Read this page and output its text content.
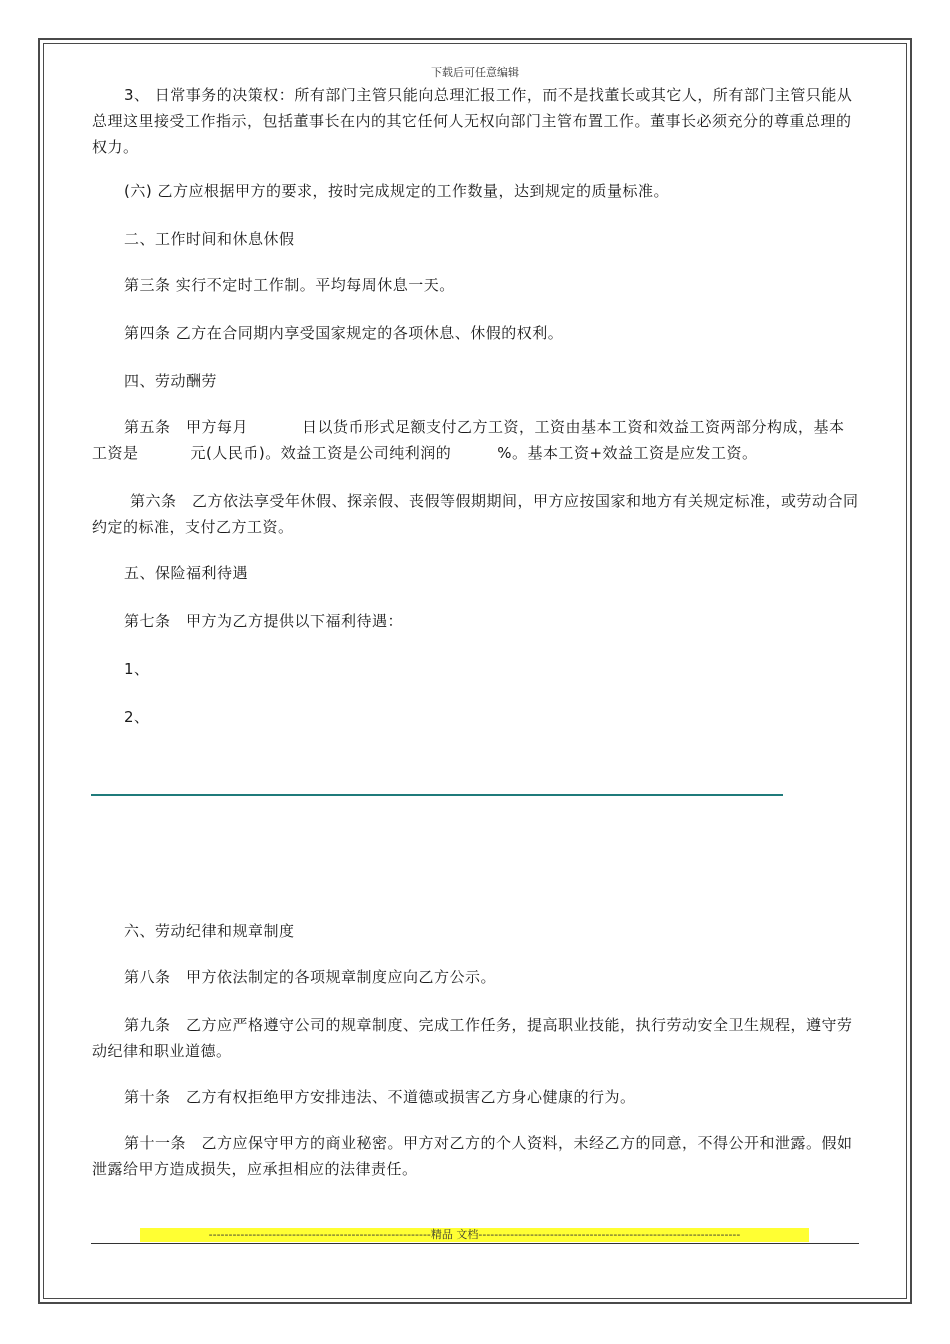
下载后可任意编辑

3、 日常事务的决策权：所有部门主管只能向总理汇报工作，而不是找董长或其它人，所有部门主管只能从总理这里接受工作指示，包括董事长在内的其它任何人无权向部门主管布置工作。董事长必须充分的尊重总理的权力。

(六) 乙方应根据甲方的要求，按时完成规定的工作数量，达到规定的质量标准。

二、工作时间和休息休假

第三条 实行不定时工作制。平均每周休息一天。

第四条 乙方在合同期内享受国家规定的各项休息、休假的权利。

四、劳动酬劳

第五条　甲方每月	日以货币形式足额支付乙方工资，工资由基本工资和效益工资两部分构成，基本工资是	元(人民币)。效益工资是公司纯利润的	%。基本工资+效益工资是应发工资。

第六条　乙方依法享受年休假、探亲假、丧假等假期期间，甲方应按国家和地方有关规定标准，或劳动合同约定的标准，支付乙方工资。

五、保险福利待遇

第七条　甲方为乙方提供以下福利待遇：

1、

2、

六、劳动纪律和规章制度

第八条　甲方依法制定的各项规章制度应向乙方公示。

第九条　乙方应严格遵守公司的规章制度、完成工作任务，提高职业技能，执行劳动安全卫生规程，遵守劳动纪律和职业道德。

第十条　乙方有权拒绝甲方安排违法、不道德或损害乙方身心健康的行为。

第十一条　乙方应保守甲方的商业秘密。甲方对乙方的个人资料，未经乙方的同意，不得公开和泄露。假如泄露给甲方造成损失，应承担相应的法律责任。

--------------------------------------------------------精品 文档------------------------------------------------------------------
